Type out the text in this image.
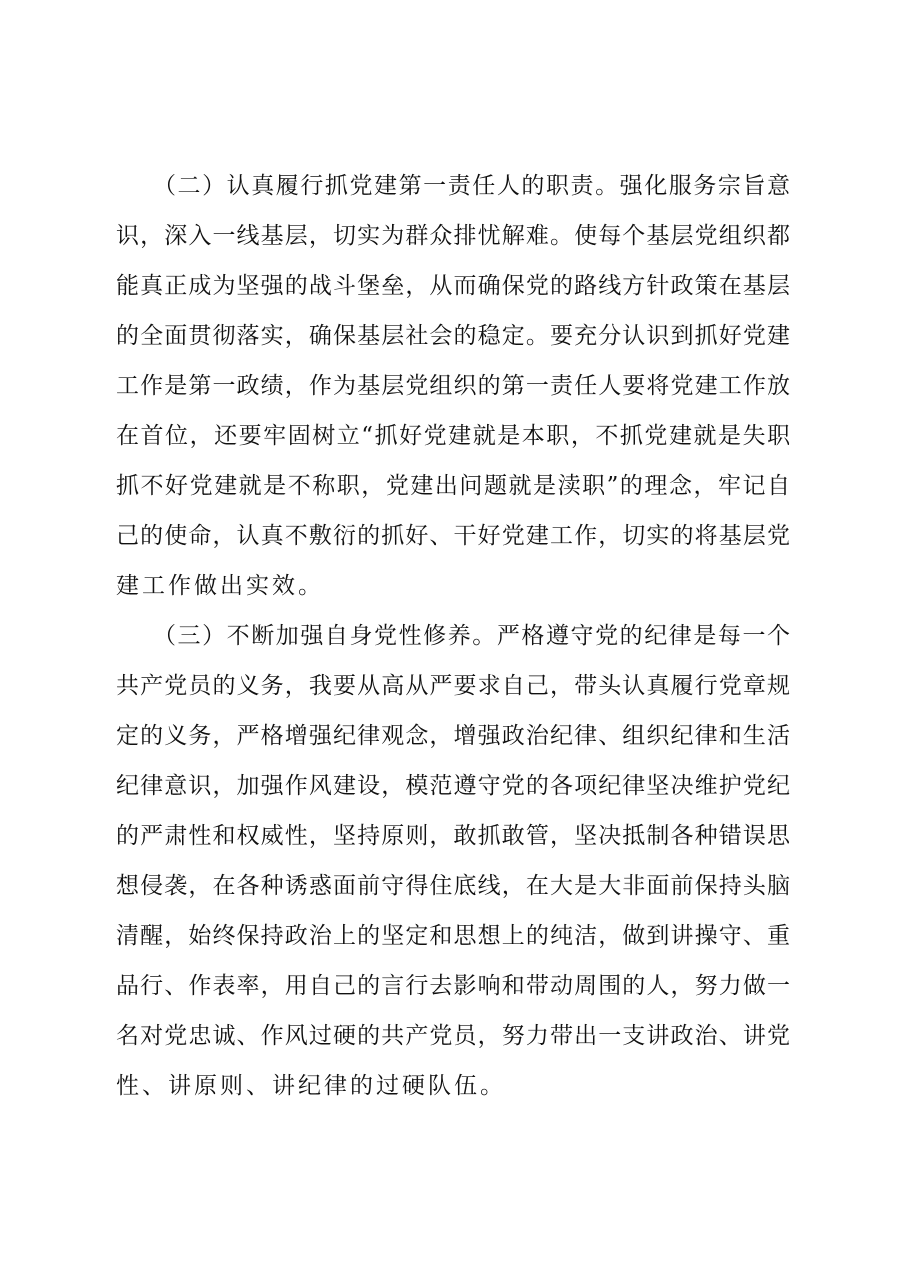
（二）认真履行抓党建第一责任人的职责。强化服务宗旨意
识，深入一线基层，切实为群众排忧解难。使每个基层党组织都
能真正成为坚强的战斗堡垒，从而确保党的路线方针政策在基层
的全面贯彻落实，确保基层社会的稳定。要充分认识到抓好党建
工作是第一政绩，作为基层党组织的第一责任人要将党建工作放
在首位，还要牢固树立“抓好党建就是本职，不抓党建就是失职
抓不好党建就是不称职，党建出问题就是渎职”的理念，牢记自
己的使命，认真不敷衍的抓好、干好党建工作，切实的将基层党
建工作做出实效。
（三）不断加强自身党性修养。严格遵守党的纪律是每一个
共产党员的义务，我要从高从严要求自己，带头认真履行党章规
定的义务，严格增强纪律观念，增强政治纪律、组织纪律和生活
纪律意识，加强作风建设，模范遵守党的各项纪律坚决维护党纪
的严肃性和权威性，坚持原则，敢抓敢管，坚决抵制各种错误思
想侵袭，在各种诱惑面前守得住底线，在大是大非面前保持头脑
清醒，始终保持政治上的坚定和思想上的纯洁，做到讲操守、重
品行、作表率，用自己的言行去影响和带动周围的人，努力做一
名对党忠诚、作风过硬的共产党员，努力带出一支讲政治、讲党
性、讲原则、讲纪律的过硬队伍。
